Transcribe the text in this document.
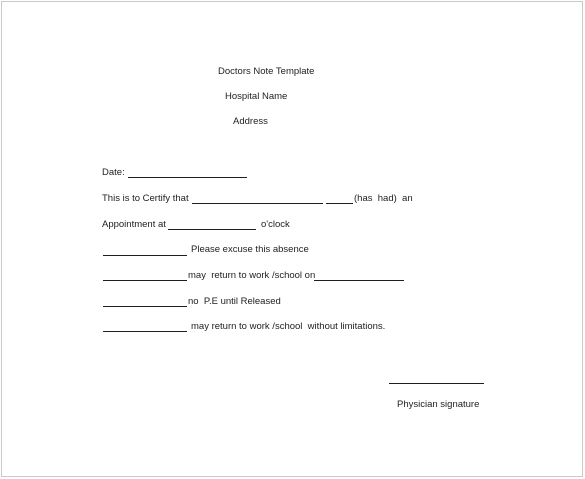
Doctors Note Template
Hospital Name
Address
Date:
This is to Certify that	(has  had)  an
Appointment at	o'clock
Please excuse this absence
may  return to work /school on
no  P.E until Released
may return to work /school  without limitations.
Physician signature
